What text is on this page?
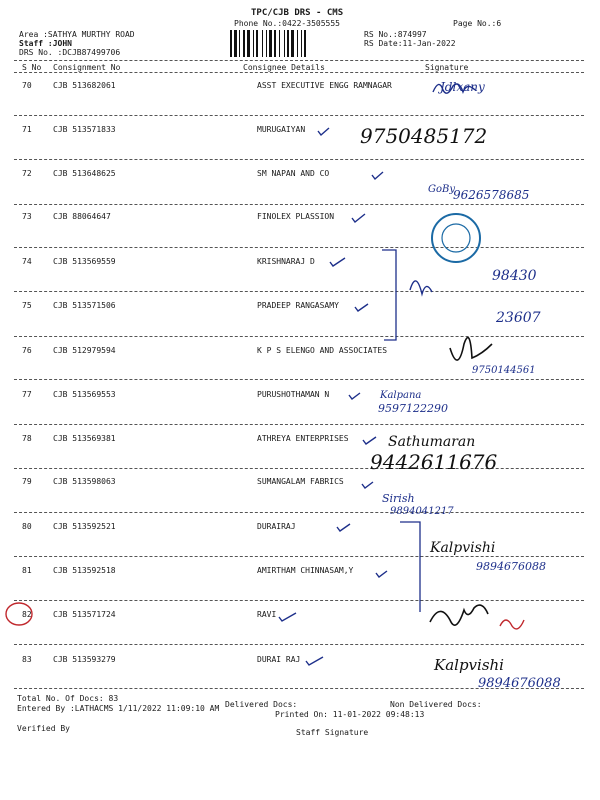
TPC/CJB DRS - CMS
Phone No.:0422-3505555	Page No.:6
Area :SATHYA MURTHY ROAD
Staff :JOHN
DRS No. :DCJB87499706
RS No.:874997
RS Date:11-Jan-2022
S No Consignment No	Consignee Details	Signature
70	CJB 513682061	ASST EXECUTIVE ENGG RAMNAGAR
71	CJB 513571833	MURUGAIYAN
72	CJB 513648625	SM NAPAN AND CO
73	CJB 88064647	FINOLEX PLASSION
74	CJB 513569559	KRISHNARAJ D
75	CJB 513571506	PRADEEP RANGASAMY
76	CJB 512979594	K P S ELENGO AND ASSOCIATES
77	CJB 513569553	PURUSHOTHAMAN N
78	CJB 513569381	ATHREYA ENTERPRISES
79	CJB 513598063	SUMANGALAM FABRICS
80	CJB 513592521	DURAIRAJ
81	CJB 513592518	AMIRTHAM CHINNASAM,Y
82	CJB 513571724	RAVI
83	CJB 513593279	DURAI RAJ
Jdlxany
9750485172
GoBy
9626578685
98430
23607
9750144561
Kalpana
9597122290
Sathumaran
9442611676
Sirish
9894041217
Kalpvishi
9894676088
Kalpvishi
9894676088
Total No. Of Docs: 83
Delivered Docs:	Non Delivered Docs:
Entered By :LATHACMS 1/11/2022 11:09:10 AM
Printed On: 11-01-2022 09:48:13
Verified By	Staff Signature
